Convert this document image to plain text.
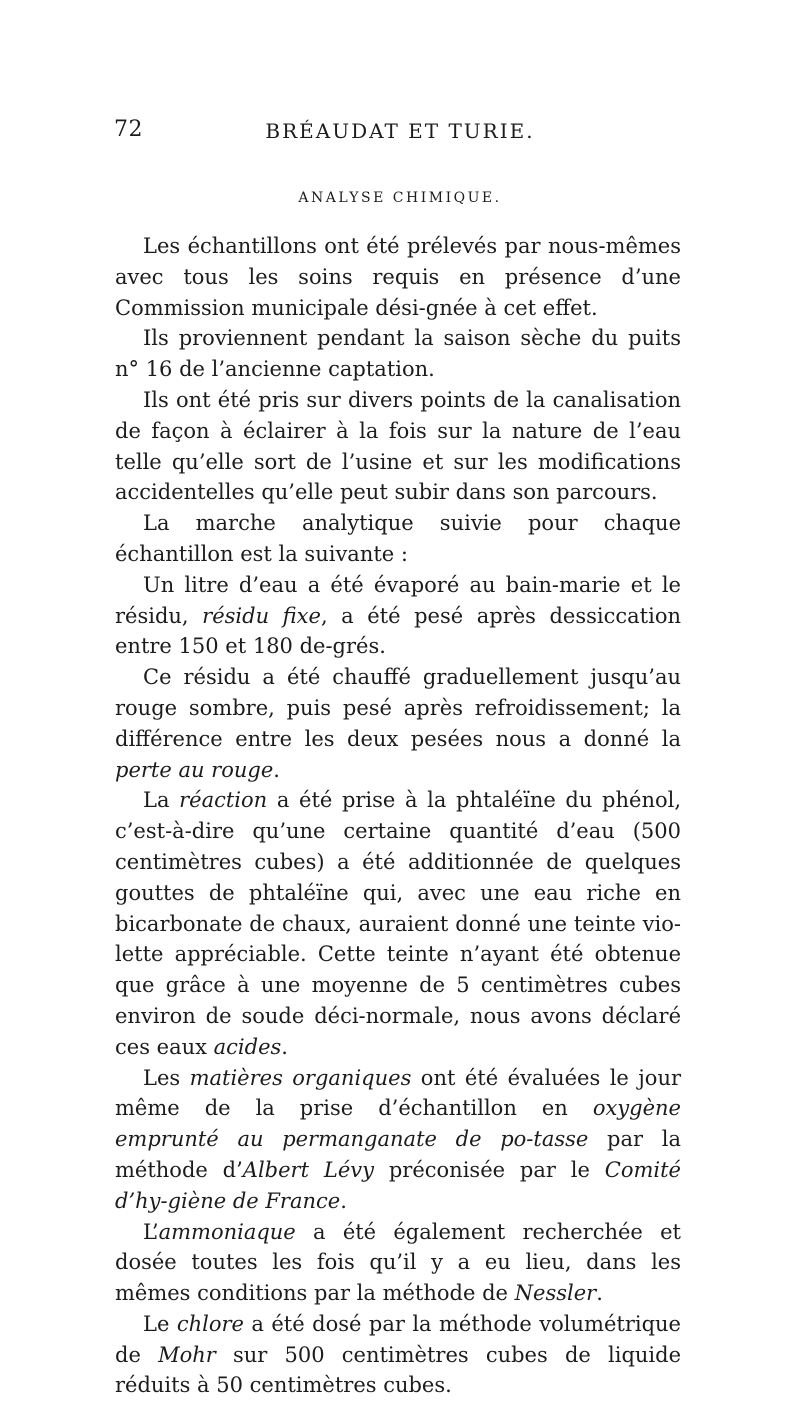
72	BRÉAUDAT ET TURIE.
ANALYSE CHIMIQUE.

Les échantillons ont été prélevés par nous-mêmes avec tous les soins requis en présence d’une Commission municipale dési-gnée à cet effet.

Ils proviennent pendant la saison sèche du puits n° 16 de l’ancienne captation.

Ils ont été pris sur divers points de la canalisation de façon à éclairer à la fois sur la nature de l’eau telle qu’elle sort de l’usine et sur les modifications accidentelles qu’elle peut subir dans son parcours.

La marche analytique suivie pour chaque échantillon est la suivante :

Un litre d’eau a été évaporé au bain-marie et le résidu, résidu fixe, a été pesé après dessiccation entre 150 et 180 de-grés.

Ce résidu a été chauffé graduellement jusqu’au rouge sombre, puis pesé après refroidissement; la différence entre les deux pesées nous a donné la perte au rouge.

La réaction a été prise à la phtaléïne du phénol, c’est-à-dire qu’une certaine quantité d’eau (500 centimètres cubes) a été additionnée de quelques gouttes de phtaléïne qui, avec une eau riche en bicarbonate de chaux, auraient donné une teinte vio-lette appréciable. Cette teinte n’ayant été obtenue que grâce à une moyenne de 5 centimètres cubes environ de soude déci-normale, nous avons déclaré ces eaux acides.

Les matières organiques ont été évaluées le jour même de la prise d’échantillon en oxygène emprunté au permanganate de po-tasse par la méthode d’Albert Lévy préconisée par le Comité d’hy-giène de France.

L’ammoniaque a été également recherchée et dosée toutes les fois qu’il y a eu lieu, dans les mêmes conditions par la méthode de Nessler.

Le chlore a été dosé par la méthode volumétrique de Mohr sur 500 centimètres cubes de liquide réduits à 50 centimètres cubes.
